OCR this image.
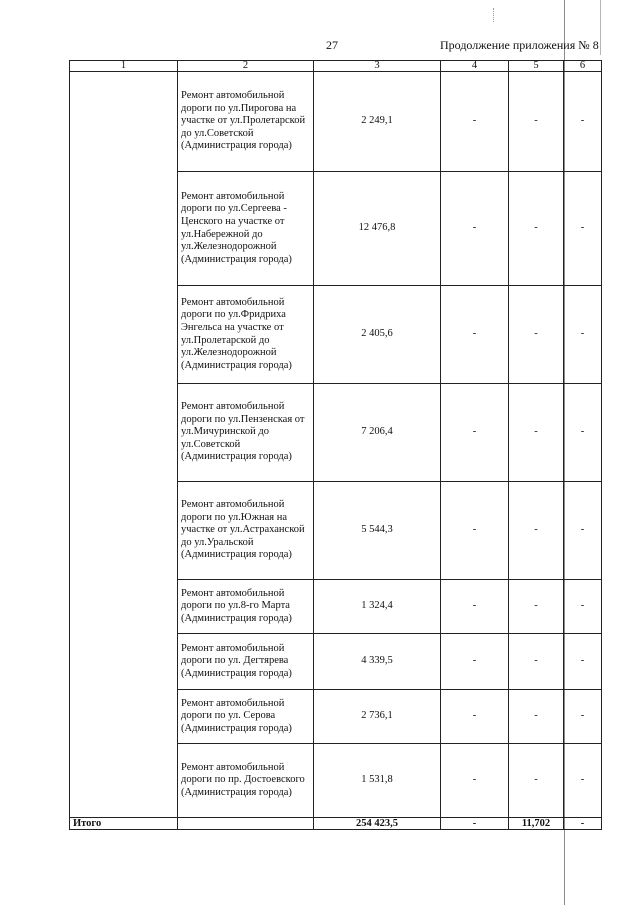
27	Продолжение приложения № 8
1	2	3	4	5	6
	Ремонт автомобильной дороги по ул.Пирогова на участке от ул.Пролетарской до ул.Советской (Администрация города)	2 249,1	-	-	-
	Ремонт автомобильной дороги по ул.Сергеева - Ценского на участке от ул.Набережной до ул.Железнодорожной (Администрация города)	12 476,8	-	-	-
	Ремонт автомобильной дороги по ул.Фридриха Энгельса на участке от ул.Пролетарской до ул.Железнодорожной (Администрация города)	2 405,6	-	-	-
	Ремонт автомобильной дороги по ул.Пензенская от ул.Мичуринской до ул.Советской (Администрация города)	7 206,4	-	-	-
	Ремонт автомобильной дороги по ул.Южная на участке от ул.Астраханской до ул.Уральской (Администрация города)	5 544,3	-	-	-
	Ремонт автомобильной дороги по ул.8-го Марта (Администрация города)	1 324,4	-	-	-
	Ремонт автомобильной дороги по ул. Дегтярева (Администрация города)	4 339,5	-	-	-
	Ремонт автомобильной дороги по ул. Серова (Администрация города)	2 736,1	-	-	-
	Ремонт автомобильной дороги по пр. Достоевского (Администрация города)	1 531,8	-	-	-
Итого		254 423,5	-	11,702	-
